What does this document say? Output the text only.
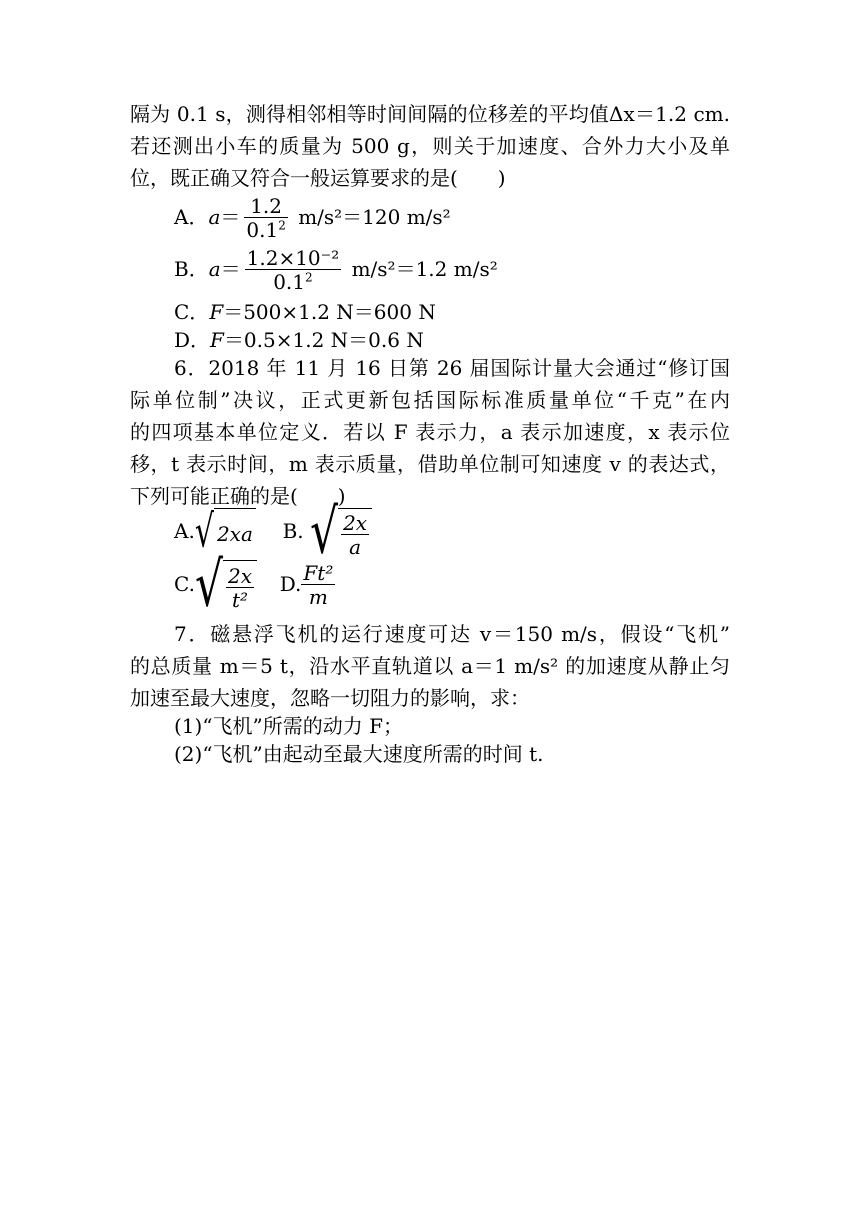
隔为 0.1 s，测得相邻相等时间间隔的位移差的平均值Δx＝1.2 cm.
若还测出小车的质量为 500 g，则关于加速度、合外力大小及单
位，既正确又符合一般运算要求的是(　　)
A．$a= \frac{1.2}{0.1^2} m/s^2=120$ m/s²
B．$a= \frac{\text{1.2×10⁻²}}{0.1^2} m/s^2=1.2$ m/s²
C．F＝500×1.2 N＝600 N
D．F＝0.5×1.2 N＝0.6 N
6．2018 年 11 月 16 日第 26 届国际计量大会通过“修订国
际单位制”决议，正式更新包括国际标准质量单位“千克”在内
的四项基本单位定义．若以 F 表示力，a 表示加速度，x 表示位
移，t 表示时间，m 表示质量，借助单位制可知速度 v 的表达式，
下列可能正确的是(　　)
A.√ 2xa B. √ $\frac{2x}{a}$
$C.√ \frac{2x}{\text{t²}} D$. $\frac{\text{Ft²}}{m}$
7．磁悬浮飞机的运行速度可达 v＝150 m/s，假设“飞机”
的总质量 m＝5 t，沿水平直轨道以 a＝1 m/s² 的加速度从静止匀
加速至最大速度，忽略一切阻力的影响，求：
(1)“飞机”所需的动力 F；
(2)“飞机”由起动至最大速度所需的时间 t.
